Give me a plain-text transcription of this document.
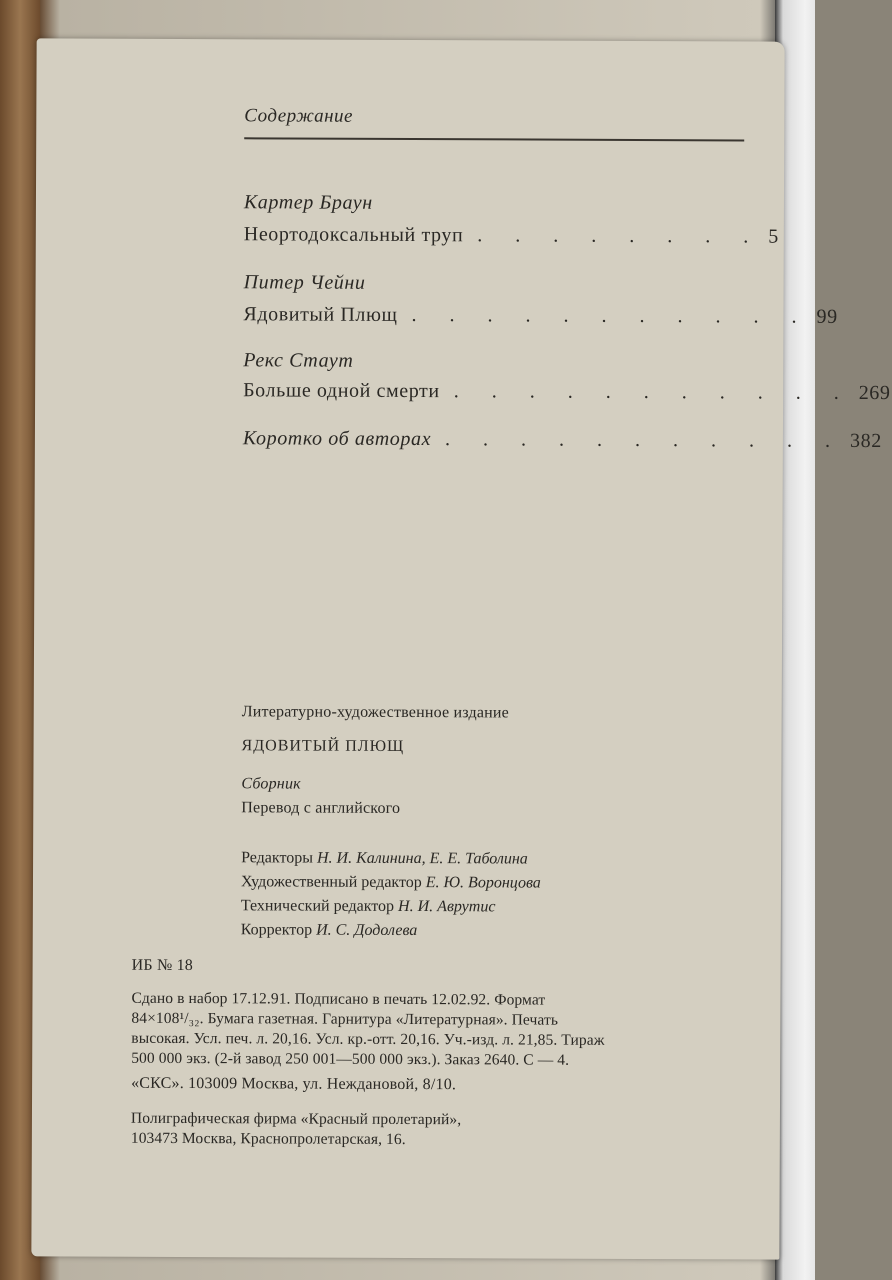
Содержание
Картер Браун
Неортодоксальный труп . . . . . . . . 5
Питер Чейни
Ядовитый Плющ . . . . . . . . . . . 99
Рекс Стаут
Больше одной смерти . . . . . . . . . . . 269
Коротко об авторах . . . . . . . . . . . 382
Литературно-художественное издание
ЯДОВИТЫЙ ПЛЮЩ
Сборник
Перевод с английского
Редакторы Н. И. Калинина, Е. Е. Таболина
Художественный редактор Е. Ю. Воронцова
Технический редактор Н. И. Аврутис
Корректор И. С. Додолева
ИБ № 18
Сдано в набор 17.12.91. Подписано в печать 12.02.92. Формат
84×108¹/₃₂. Бумага газетная. Гарнитура «Литературная». Печать
высокая. Усл. печ. л. 20,16. Усл. кр.-отт. 20,16. Уч.-изд. л. 21,85. Тираж
500 000 экз. (2-й завод 250 001—500 000 экз.). Заказ 2640. С — 4.
«СКС». 103009 Москва, ул. Неждановой, 8/10.
Полиграфическая фирма «Красный пролетарий»,
103473 Москва, Краснопролетарская, 16.
